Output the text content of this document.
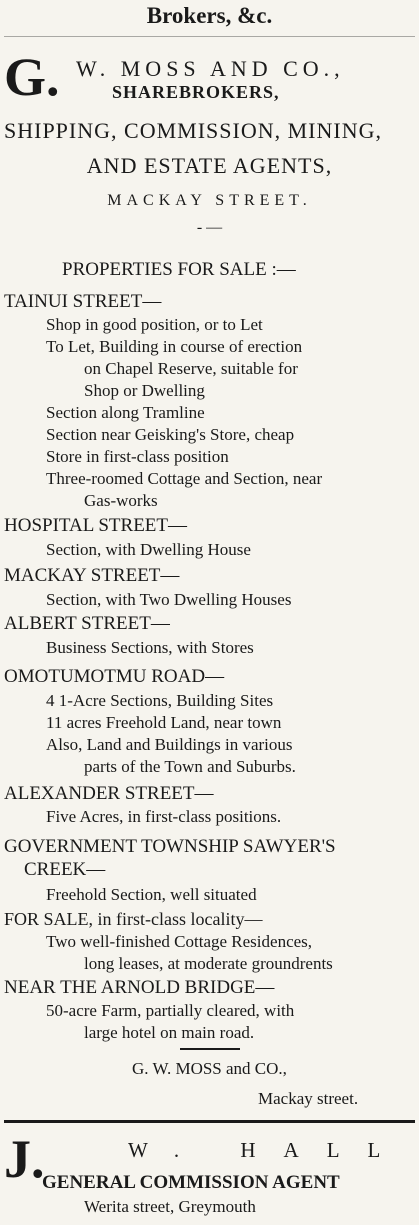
Brokers, &c.
G. W. MOSS AND CO.,
SHAREBROKERS,
SHIPPING, COMMISSION, MINING,
AND ESTATE AGENTS,
MACKAY STREET.
- —
PROPERTIES FOR SALE :—
TAINUI STREET—
Shop in good position, or to Let
To Let, Building in course of erection
on Chapel Reserve, suitable for
Shop or Dwelling
Section along Tramline
Section near Geisking's Store, cheap
Store in first-class position
Three-roomed Cottage and Section, near
Gas-works
HOSPITAL STREET—
Section, with Dwelling House
MACKAY STREET—
Section, with Two Dwelling Houses
ALBERT STREET—
Business Sections, with Stores
OMOTUMOTMU ROAD—
4 1-Acre Sections, Building Sites
11 acres Freehold Land, near town
Also, Land and Buildings in various
parts of the Town and Suburbs.
ALEXANDER STREET—
Five Acres, in first-class positions.
GOVERNMENT TOWNSHIP SAWYER'S
CREEK—
Freehold Section, well situated
FOR SALE, in first-class locality—
Two well-finished Cottage Residences,
long leases, at moderate groundrents
NEAR THE ARNOLD BRIDGE—
50-acre Farm, partially cleared, with
large hotel on main road.
G. W. MOSS and CO.,
Mackay street.
J.	W. HALL
GENERAL COMMISSION AGENT
Werita street, Greymouth
